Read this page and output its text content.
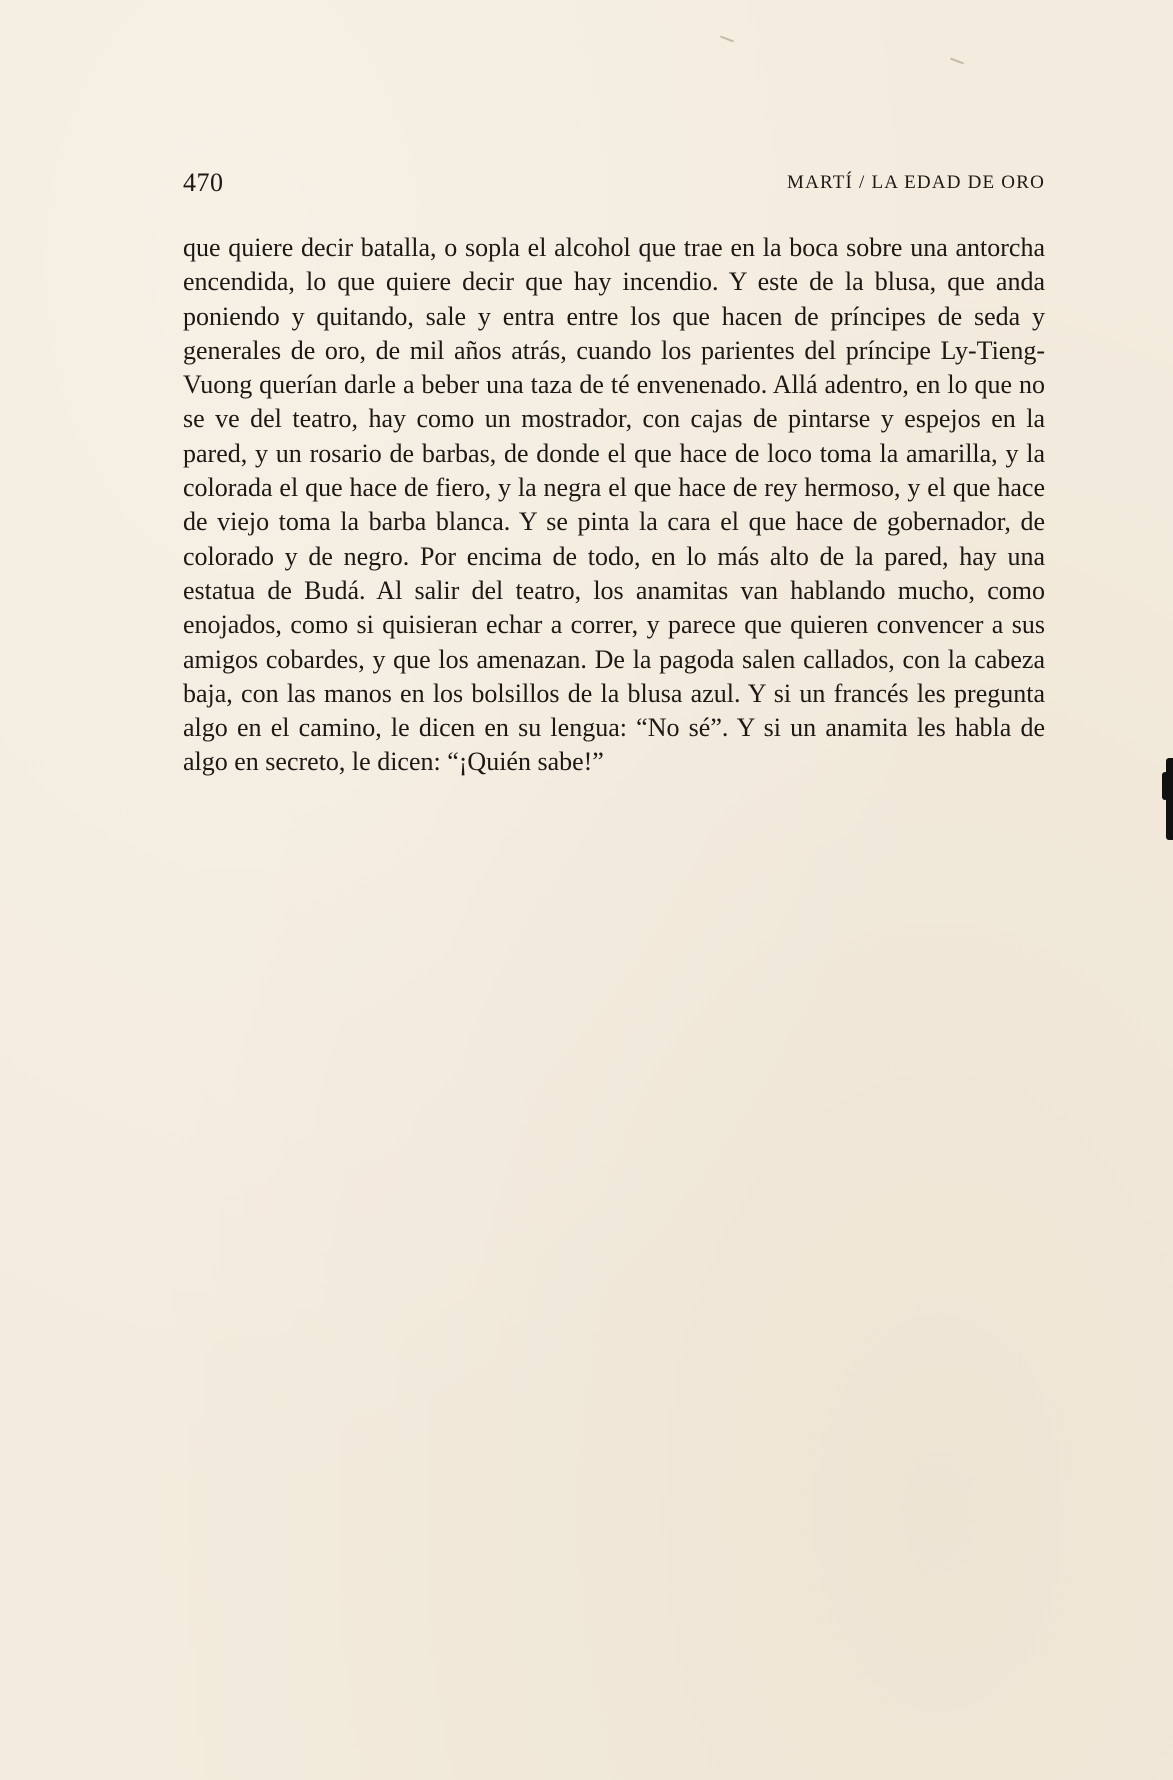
470	MARTÍ / LA EDAD DE ORO

que quiere decir batalla, o sopla el alcohol que trae en la boca sobre una antorcha encendida, lo que quiere decir que hay incendio. Y este de la blusa, que anda poniendo y quitando, sale y entra entre los que hacen de príncipes de seda y generales de oro, de mil años atrás, cuando los parientes del príncipe Ly-Tieng-Vuong querían darle a beber una taza de té envenenado. Allá adentro, en lo que no se ve del teatro, hay como un mostrador, con cajas de pintarse y espejos en la pared, y un rosario de barbas, de donde el que hace de loco toma la amarilla, y la colorada el que hace de fiero, y la negra el que hace de rey hermoso, y el que hace de viejo toma la barba blanca. Y se pinta la cara el que hace de gobernador, de colorado y de negro. Por encima de todo, en lo más alto de la pared, hay una estatua de Budá. Al salir del teatro, los anamitas van hablando mucho, como enojados, como si quisieran echar a correr, y parece que quieren convencer a sus amigos cobardes, y que los amenazan. De la pagoda salen callados, con la cabeza baja, con las manos en los bolsillos de la blusa azul. Y si un francés les pregunta algo en el camino, le dicen en su lengua: “No sé”. Y si un anamita les habla de algo en secreto, le dicen: “¡Quién sabe!”
